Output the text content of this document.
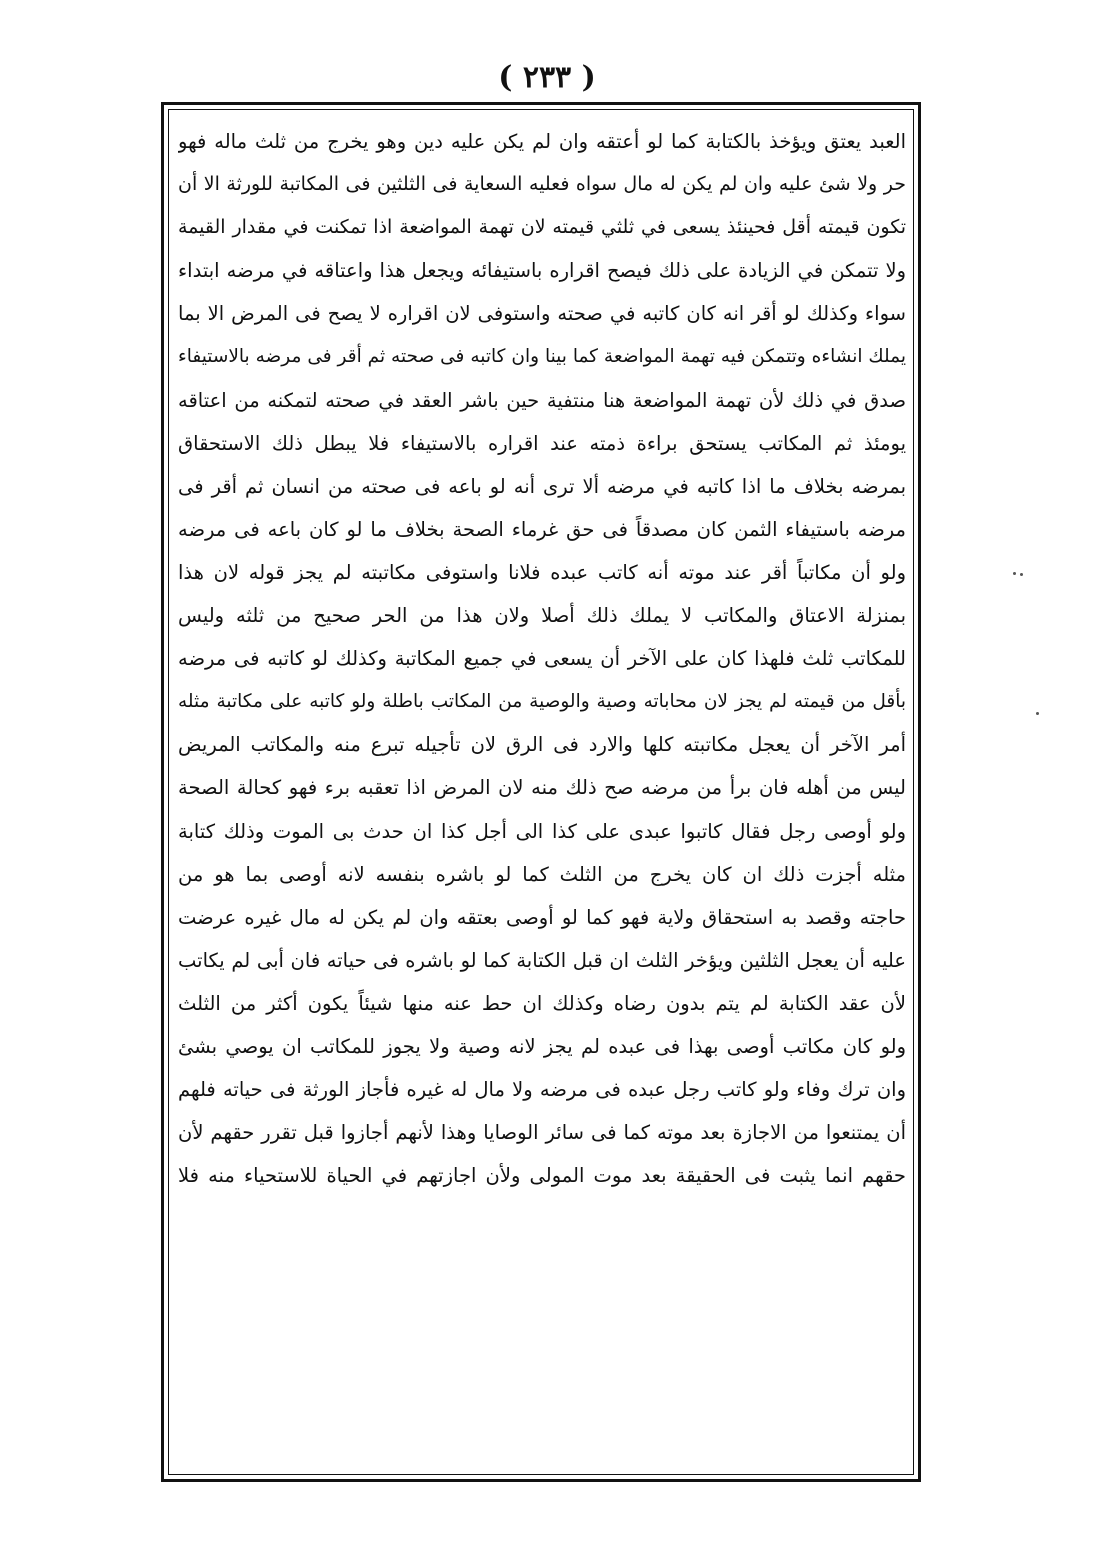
( ٢٣٣ )
العبد يعتق ويؤخذ بالكتابة كما لو أعتقه وان لم يكن عليه دين وهو يخرج من ثلث ماله فهو
حر ولا شئ عليه وان لم يكن له مال سواه فعليه السعاية فى الثلثين فى المكاتبة للورثة الا أن
تكون قيمته أقل فحينئذ يسعى في ثلثي قيمته لان تهمة المواضعة اذا تمكنت في مقدار القيمة
ولا تتمكن في الزيادة على ذلك فيصح اقراره باستيفائه ويجعل هذا واعتاقه في مرضه ابتداء
سواء وكذلك لو أقر انه كان كاتبه في صحته واستوفى لان اقراره لا يصح فى المرض الا بما
يملك انشاءه وتتمكن فيه تهمة المواضعة كما بينا وان كاتبه فى صحته ثم أقر فى مرضه بالاستيفاء
صدق في ذلك لأن تهمة المواضعة هنا منتفية حين باشر العقد في صحته لتمكنه من اعتاقه
يومئذ ثم المكاتب يستحق براءة ذمته عند اقراره بالاستيفاء فلا يبطل ذلك الاستحقاق
بمرضه بخلاف ما اذا كاتبه في مرضه ألا ترى أنه لو باعه فى صحته من انسان ثم أقر فى
مرضه باستيفاء الثمن كان مصدقاً فى حق غرماء الصحة بخلاف ما لو كان باعه فى مرضه
ولو أن مكاتباً أقر عند موته أنه كاتب عبده فلانا واستوفى مكاتبته لم يجز قوله لان هذا
بمنزلة الاعتاق والمكاتب لا يملك ذلك أصلا ولان هذا من الحر صحيح من ثلثه وليس
للمكاتب ثلث فلهذا كان على الآخر أن يسعى في جميع المكاتبة وكذلك لو كاتبه فى مرضه
بأقل من قيمته لم يجز لان محاباته وصية والوصية من المكاتب باطلة ولو كاتبه على مكاتبة مثله
أمر الآخر أن يعجل مكاتبته كلها والارد فى الرق لان تأجيله تبرع منه والمكاتب المريض
ليس من أهله فان برأ من مرضه صح ذلك منه لان المرض اذا تعقبه برء فهو كحالة الصحة
ولو أوصى رجل فقال كاتبوا عبدى على كذا الى أجل كذا ان حدث بى الموت وذلك كتابة
مثله أجزت ذلك ان كان يخرج من الثلث كما لو باشره بنفسه لانه أوصى بما هو من
حاجته وقصد به استحقاق ولاية فهو كما لو أوصى بعتقه وان لم يكن له مال غيره عرضت
عليه أن يعجل الثلثين ويؤخر الثلث ان قبل الكتابة كما لو باشره فى حياته فان أبى لم يكاتب
لأن عقد الكتابة لم يتم بدون رضاه وكذلك ان حط عنه منها شيئاً يكون أكثر من الثلث
ولو كان مكاتب أوصى بهذا فى عبده لم يجز لانه وصية ولا يجوز للمكاتب ان يوصي بشئ
وان ترك وفاء ولو كاتب رجل عبده فى مرضه ولا مال له غيره فأجاز الورثة فى حياته فلهم
أن يمتنعوا من الاجازة بعد موته كما فى سائر الوصايا وهذا لأنهم أجازوا قبل تقرر حقهم لأن
حقهم انما يثبت فى الحقيقة بعد موت المولى ولأن اجازتهم في الحياة للاستحياء منه فلا
